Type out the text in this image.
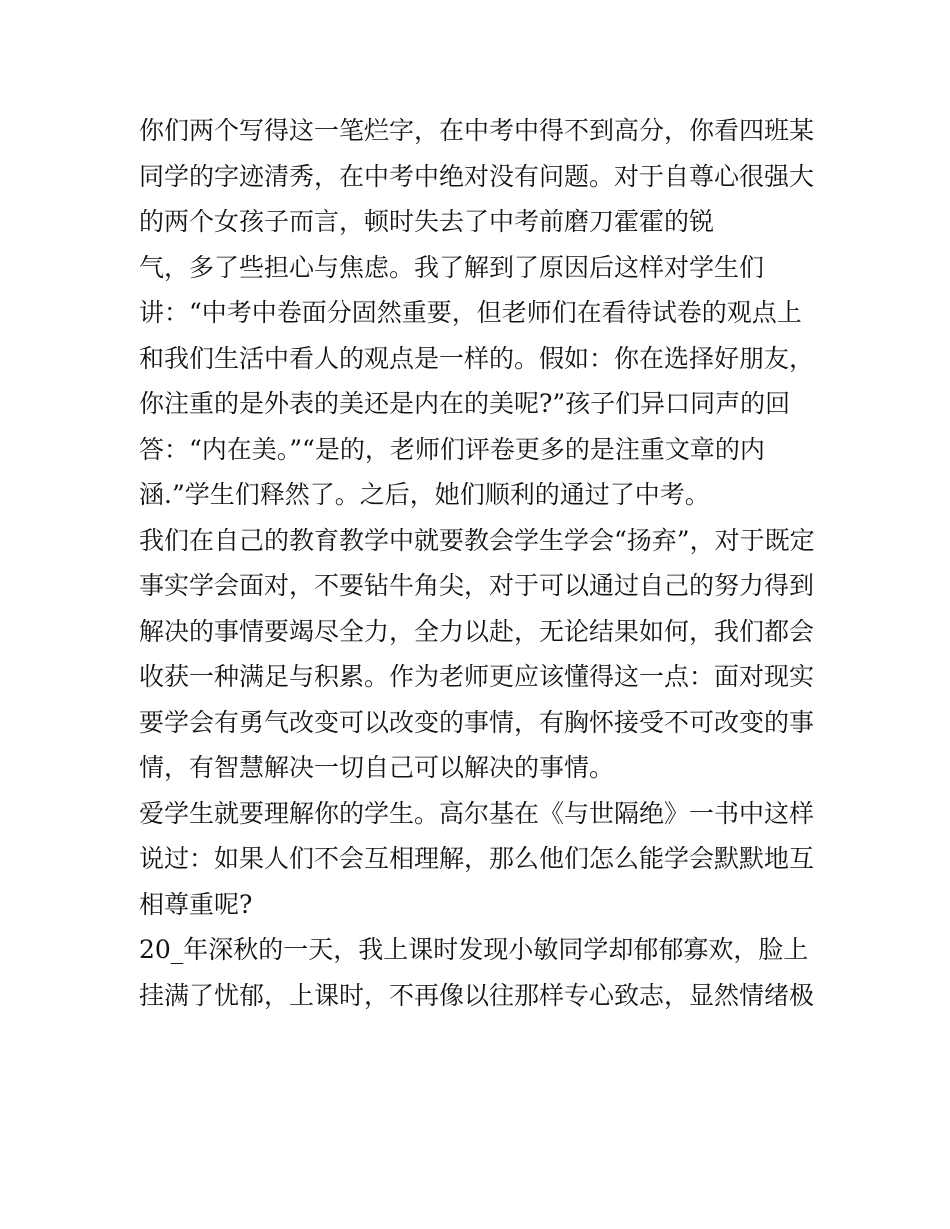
你们两个写得这一笔烂字，在中考中得不到高分，你看四班某
同学的字迹清秀，在中考中绝对没有问题。对于自尊心很强大
的两个女孩子而言，顿时失去了中考前磨刀霍霍的锐
气，多了些担心与焦虑。我了解到了原因后这样对学生们
讲：“中考中卷面分固然重要，但老师们在看待试卷的观点上
和我们生活中看人的观点是一样的。假如：你在选择好朋友，
你注重的是外表的美还是内在的美呢?”孩子们异口同声的回
答：“内在美。”“是的，老师们评卷更多的是注重文章的内
涵.”学生们释然了。之后，她们顺利的通过了中考。
我们在自己的教育教学中就要教会学生学会“扬弃”，对于既定
事实学会面对，不要钻牛角尖，对于可以通过自己的努力得到
解决的事情要竭尽全力，全力以赴，无论结果如何，我们都会
收获一种满足与积累。作为老师更应该懂得这一点：面对现实
要学会有勇气改变可以改变的事情，有胸怀接受不可改变的事
情，有智慧解决一切自己可以解决的事情。
爱学生就要理解你的学生。高尔基在《与世隔绝》一书中这样
说过：如果人们不会互相理解，那么他们怎么能学会默默地互
相尊重呢?
20_年深秋的一天，我上课时发现小敏同学却郁郁寡欢，脸上
挂满了忧郁，上课时，不再像以往那样专心致志，显然情绪极
